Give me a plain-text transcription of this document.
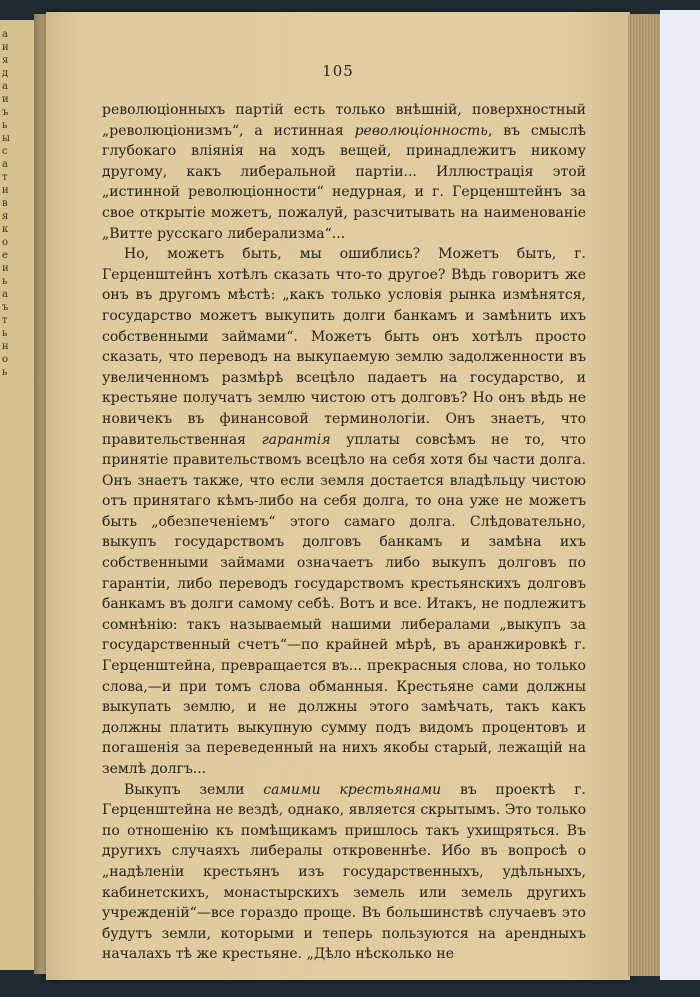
a
и
я
д
а
и
ъ
ь
ы
с
а
т
и
в
я
к
о
е
и
ь
а
ъ
т
ь
н
о
ь
105

революціонныхъ партій есть только внѣшній, поверхностный „революціонизмъ“, а истинная революціонность, въ смыслѣ глубокаго вліянія на ходъ вещей, принадлежитъ никому другому, какъ либеральной партіи... Иллюстрація этой „истинной революціонности“ недурная, и г. Герценштейнъ за свое открытіе можетъ, пожалуй, разсчитывать на наименованіе „Витте русскаго либерализма“...

Но, можетъ быть, мы ошиблись? Можетъ быть, г. Герценштейнъ хотѣлъ сказать что-то другое? Вѣдь говоритъ же онъ въ другомъ мѣстѣ: „какъ только условія рынка измѣнятся, государство можетъ выкупить долги банкамъ и замѣнить ихъ собственными займами“. Можетъ быть онъ хотѣлъ просто сказать, что переводъ на выкупаемую землю задолженности въ увеличенномъ размѣрѣ всецѣло падаетъ на государство, и крестьяне получатъ землю чистою отъ долговъ? Но онъ вѣдь не новичекъ въ финансовой терминологіи. Онъ знаетъ, что правительственная гарантія уплаты совсѣмъ не то, что принятіе правительствомъ всецѣло на себя хотя бы части долга. Онъ знаетъ также, что если земля достается владѣльцу чистою отъ принятаго кѣмъ-либо на себя долга, то она уже не можетъ быть „обезпеченіемъ“ этого самаго долга. Слѣдовательно, выкупъ государствомъ долговъ банкамъ и замѣна ихъ собственными займами означаетъ либо выкупъ долговъ по гарантіи, либо переводъ государствомъ крестьянскихъ долговъ банкамъ въ долги самому себѣ. Вотъ и все. Итакъ, не подлежитъ сомнѣнію: такъ называемый нашими либералами „выкупъ за государственный счетъ“—по крайней мѣрѣ, въ аранжировкѣ г. Герценштейна, превращается въ... прекрасныя слова, но только слова,—и при томъ слова обманныя. Крестьяне сами должны выкупать землю, и не должны этого замѣчать, такъ какъ должны платить выкупную сумму подъ видомъ процентовъ и погашенія за переведенный на нихъ якобы старый, лежащій на землѣ долгъ...

Выкупъ земли самими крестьянами въ проектѣ г. Герценштейна не вездѣ, однако, является скрытымъ. Это только по отношенію къ помѣщикамъ пришлось такъ ухищряться. Въ другихъ случаяхъ либералы откровеннѣе. Ибо въ вопросѣ о „надѣленіи крестьянъ изъ государственныхъ, удѣльныхъ, кабинетскихъ, монастырскихъ земель или земель другихъ учрежденій“—все гораздо проще. Въ большинствѣ случаевъ это будутъ земли, которыми и теперь пользуются на арендныхъ началахъ тѣ же крестьяне. „Дѣло нѣсколько не
